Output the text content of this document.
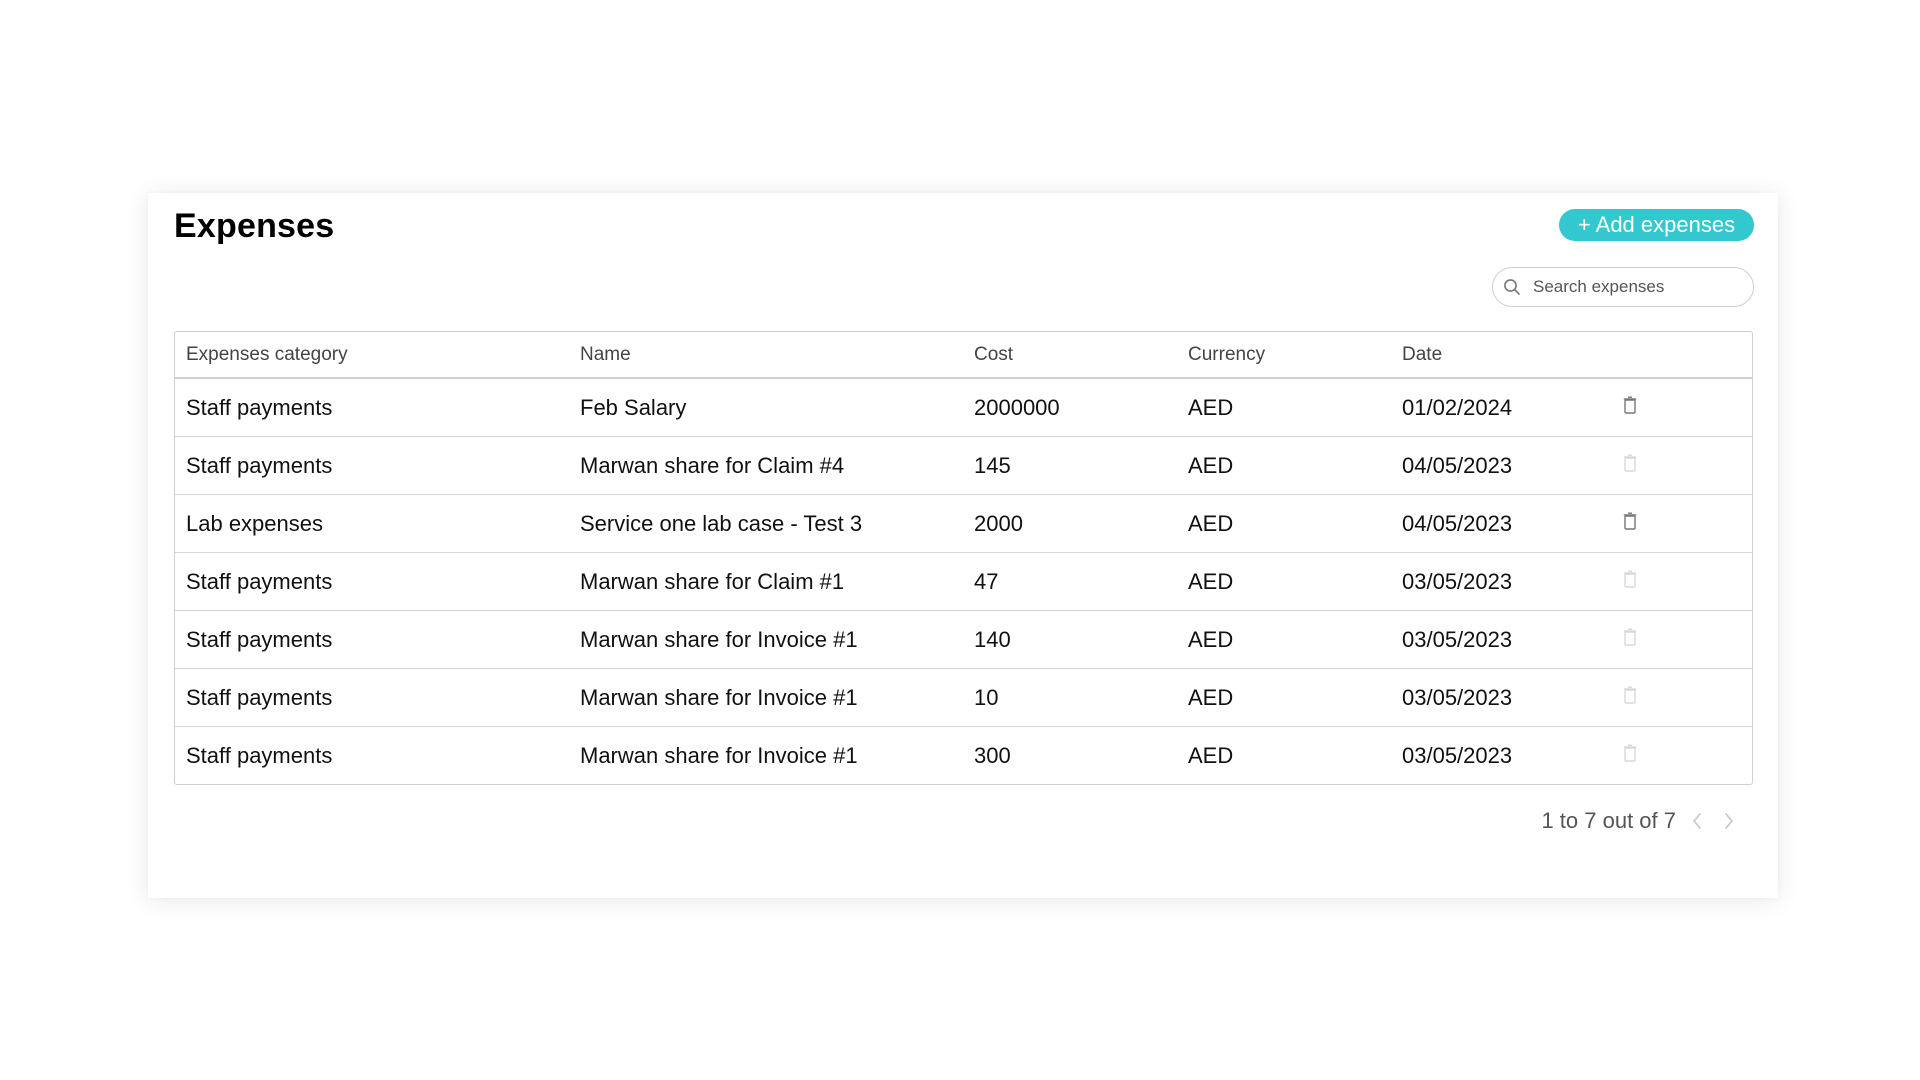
Expenses	+ Add expenses
Search expenses
Expenses category	Name	Cost	Currency	Date	
Staff payments	Feb Salary	2000000	AED	01/02/2024	

Staff payments	Marwan share for Claim #4	145	AED	04/05/2023	

Lab expenses	Service one lab case - Test 3	2000	AED	04/05/2023	

Staff payments	Marwan share for Claim #1	47	AED	03/05/2023	

Staff payments	Marwan share for Invoice #1	140	AED	03/05/2023	

Staff payments	Marwan share for Invoice #1	10	AED	03/05/2023	

Staff payments	Marwan share for Invoice #1	300	AED	03/05/2023	
1 to 7 out of 7
